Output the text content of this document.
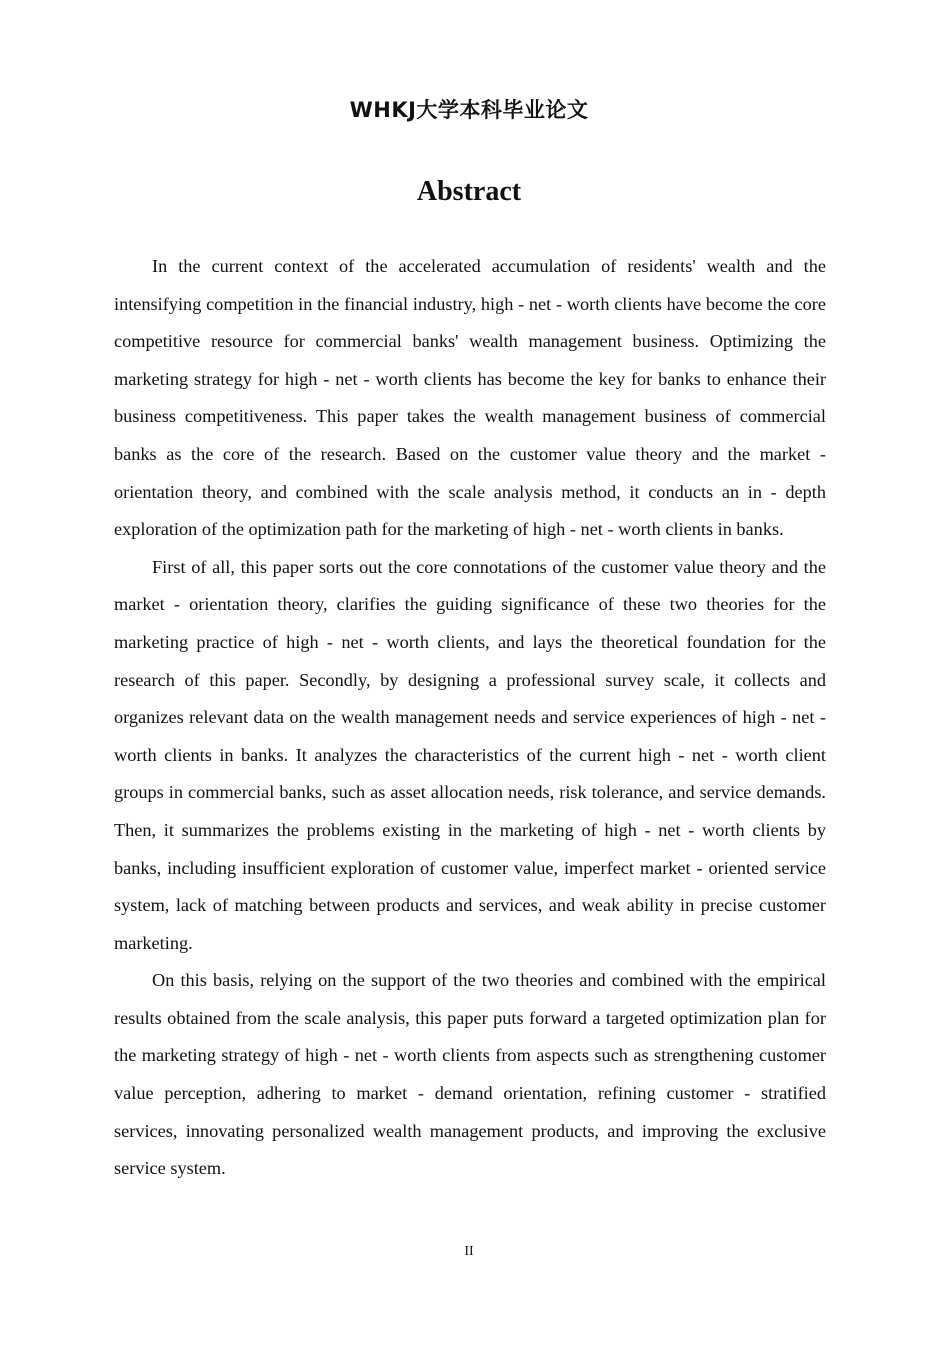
WHKJ大学本科毕业论文
Abstract

In the current context of the accelerated accumulation of residents' wealth and the intensifying competition in the financial industry, high - net - worth clients have become the core competitive resource for commercial banks' wealth management business. Optimizing the marketing strategy for high - net - worth clients has become the key for banks to enhance their business competitiveness. This paper takes the wealth management business of commercial banks as the core of the research. Based on the customer value theory and the market - orientation theory, and combined with the scale analysis method, it conducts an in - depth exploration of the optimization path for the marketing of high - net - worth clients in banks.

First of all, this paper sorts out the core connotations of the customer value theory and the market - orientation theory, clarifies the guiding significance of these two theories for the marketing practice of high - net - worth clients, and lays the theoretical foundation for the research of this paper. Secondly, by designing a professional survey scale, it collects and organizes relevant data on the wealth management needs and service experiences of high - net - worth clients in banks. It analyzes the characteristics of the current high - net - worth client groups in commercial banks, such as asset allocation needs, risk tolerance, and service demands. Then, it summarizes the problems existing in the marketing of high - net - worth clients by banks, including insufficient exploration of customer value, imperfect market - oriented service system, lack of matching between products and services, and weak ability in precise customer marketing.

On this basis, relying on the support of the two theories and combined with the empirical results obtained from the scale analysis, this paper puts forward a targeted optimization plan for the marketing strategy of high - net - worth clients from aspects such as strengthening customer value perception, adhering to market - demand orientation, refining customer - stratified services, innovating personalized wealth management products, and improving the exclusive service system.

II
